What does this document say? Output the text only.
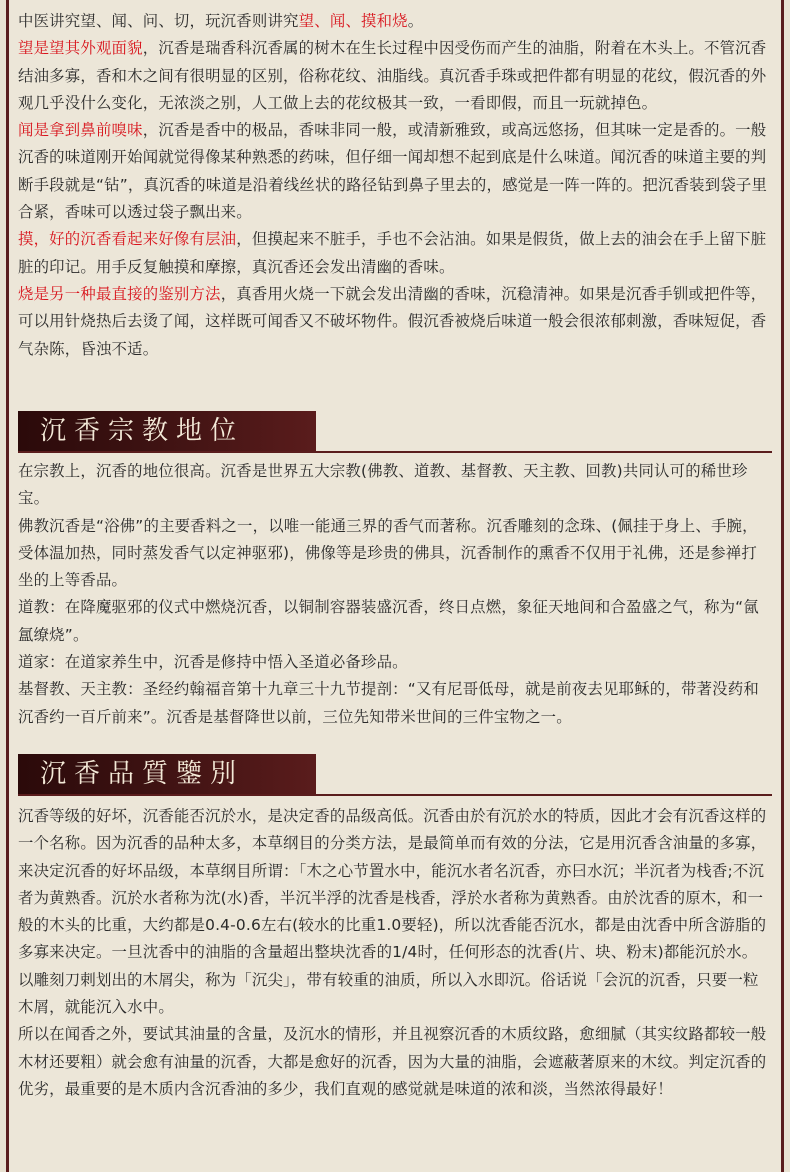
中医讲究望、闻、问、切，玩沉香则讲究望、闻、摸和烧。

望是望其外观面貌，沉香是瑞香科沉香属的树木在生长过程中因受伤而产生的油脂，附着在木头上。不管沉香结油多寡，香和木之间有很明显的区别，俗称花纹、油脂线。真沉香手珠或把件都有明显的花纹，假沉香的外观几乎没什么变化，无浓淡之别，人工做上去的花纹极其一致，一看即假，而且一玩就掉色。

闻是拿到鼻前嗅味，沉香是香中的极品，香味非同一般，或清新雅致，或高远悠扬，但其味一定是香的。一般沉香的味道刚开始闻就觉得像某种熟悉的药味，但仔细一闻却想不起到底是什么味道。闻沉香的味道主要的判断手段就是“钻”，真沉香的味道是沿着线丝状的路径钻到鼻子里去的，感觉是一阵一阵的。把沉香装到袋子里合紧，香味可以透过袋子飘出来。

摸，好的沉香看起来好像有层油，但摸起来不脏手，手也不会沾油。如果是假货，做上去的油会在手上留下脏脏的印记。用手反复触摸和摩擦，真沉香还会发出清幽的香味。

烧是另一种最直接的鉴别方法，真香用火烧一下就会发出清幽的香味，沉稳清神。如果是沉香手钏或把件等，可以用针烧热后去烫了闻，这样既可闻香又不破坏物件。假沉香被烧后味道一般会很浓郁刺激，香味短促，香气杂陈，昏浊不适。

沉香宗教地位

在宗教上，沉香的地位很高。沉香是世界五大宗教(佛教、道教、基督教、天主教、回教)共同认可的稀世珍宝。

佛教沉香是“浴佛”的主要香料之一，以唯一能通三界的香气而著称。沉香雕刻的念珠、(佩挂于身上、手腕，受体温加热，同时蒸发香气以定神驱邪)，佛像等是珍贵的佛具，沉香制作的熏香不仅用于礼佛，还是参禅打坐的上等香品。

道教：在降魔驱邪的仪式中燃烧沉香，以铜制容器装盛沉香，终日点燃，象征天地间和合盈盛之气，称为“氤氲缭烧”。

道家：在道家养生中，沉香是修持中悟入圣道必备珍品。

基督教、天主教：圣经约翰福音第十九章三十九节提剖：“又有尼哥低母，就是前夜去见耶稣的，带著没药和沉香约一百斤前来”。沉香是基督降世以前，三位先知带米世间的三件宝物之一。

沉香品質鑒別

沉香等级的好坏，沉香能否沉於水，是决定香的品级高低。沉香由於有沉於水的特质，因此才会有沉香这样的一个名称。因为沉香的品种太多，本草纲目的分类方法，是最简单而有效的分法，它是用沉香含油量的多寡，来决定沉香的好坏品级，本草纲目所谓：「木之心节置水中，能沉水者名沉香，亦曰水沉；半沉者为栈香;不沉者为黄熟香。沉於水者称为沈(水)香，半沉半浮的沈香是栈香，浮於水者称为黄熟香。由於沈香的原木，和一般的木头的比重，大约都是0.4-0.6左右(较水的比重1.0要轻)，所以沈香能否沉水，都是由沈香中所含游脂的多寡来决定。一旦沈香中的油脂的含量超出整块沈香的1/4时，任何形态的沈香(片、块、粉末)都能沉於水。以雕刻刀剌划出的木屑尖，称为「沉尖」，带有较重的油质，所以入水即沉。俗话说「会沉的沉香，只要一粒木屑，就能沉入水中。

所以在闻香之外，要试其油量的含量，及沉水的情形，并且视察沉香的木质纹路，愈细腻（其实纹路都较一般木材还要粗）就会愈有油量的沉香，大都是愈好的沉香，因为大量的油脂，会遮蔽著原来的木纹。判定沉香的优劣，最重要的是木质内含沉香油的多少，我们直观的感觉就是味道的浓和淡，当然浓得最好！
